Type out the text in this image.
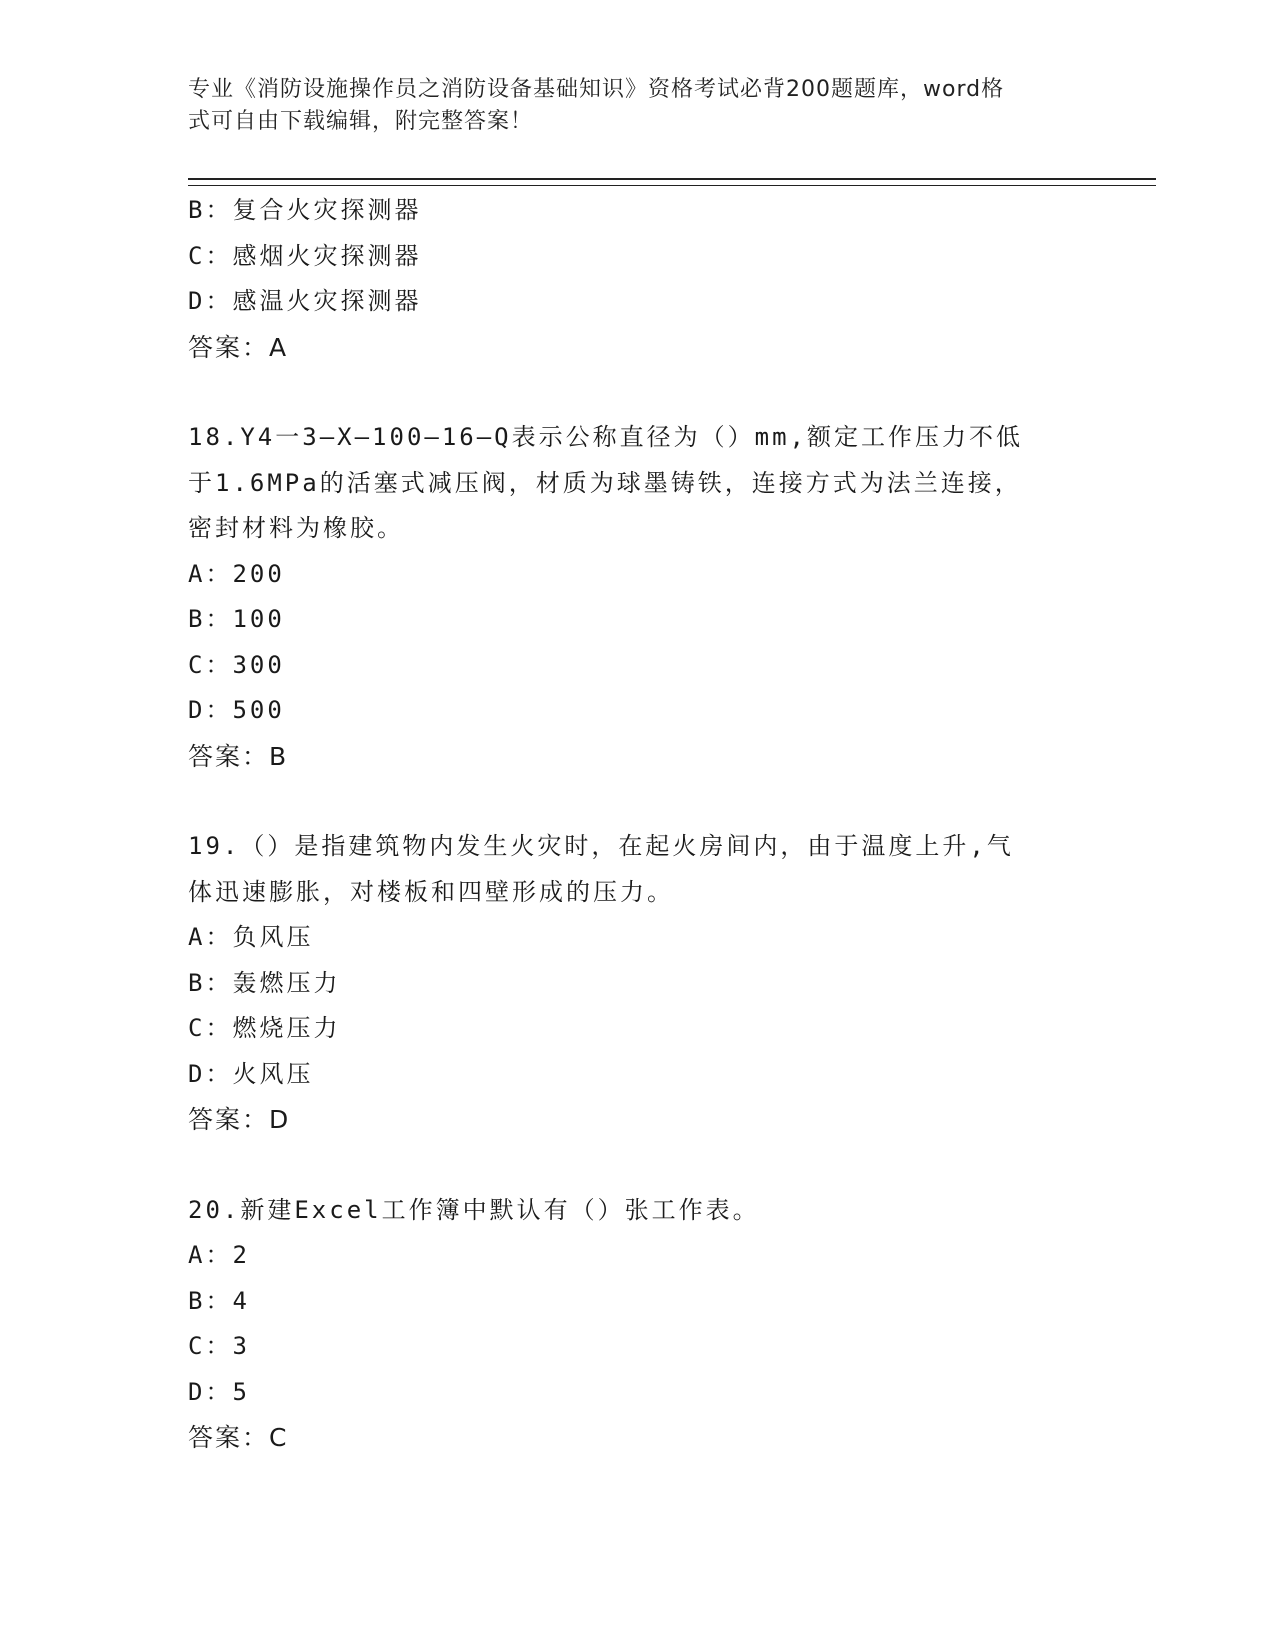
专业《消防设施操作员之消防设备基础知识》资格考试必背200题题库，word格
式可自由下载编辑，附完整答案！
B：复合火灾探测器
C：感烟火灾探测器
D：感温火灾探测器
答案：A
18.Y4一3—X—100—16—Q表示公称直径为（）mm,额定工作压力不低
于1.6MPa的活塞式减压阀，材质为球墨铸铁，连接方式为法兰连接，
密封材料为橡胶。
A：200
B：100
C：300
D：500
答案：B
19.（）是指建筑物内发生火灾时，在起火房间内，由于温度上升,气
体迅速膨胀，对楼板和四壁形成的压力。
A：负风压
B：轰燃压力
C：燃烧压力
D：火风压
答案：D
20.新建Excel工作簿中默认有（）张工作表。
A：2
B：4
C：3
D：5
答案：C
